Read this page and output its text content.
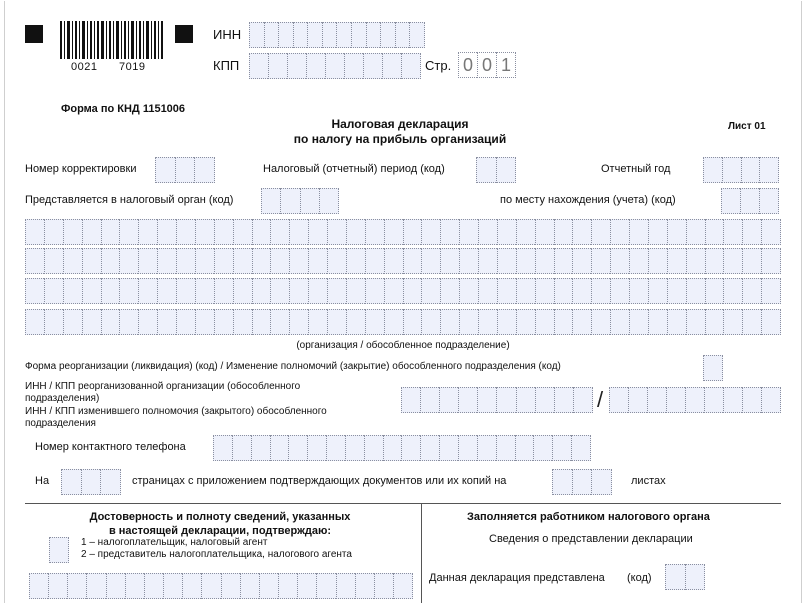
0021 7019
ИНН
КПП	Стр. 0 0 1
Форма по КНД 1151006
Налоговая декларация
по налогу на прибыль организаций
Лист 01
Номер корректировки	Налоговый (отчетный) период (код)	Отчетный год
Представляется в налоговый орган (код)	по месту нахождения (учета) (код)
(организация / обособленное подразделение)
Форма реорганизации (ликвидация) (код) / Изменение полномочий (закрытие) обособленного подразделения (код)
ИНН / КПП реорганизованной организации (обособленного
подразделения)
ИНН / КПП изменившего полномочия (закрытого) обособленного
подразделения
/
Номер контактного телефона
На	страницах с приложением подтверждающих документов или их копий на	листах
Достоверность и полноту сведений, указанных
в настоящей декларации, подтверждаю:
1 – налогоплательщик, налоговый агент
2 – представитель налогоплательщика, налогового агента
Заполняется работником налогового органа
Сведения о представлении декларации
Данная декларация представлена (код)
